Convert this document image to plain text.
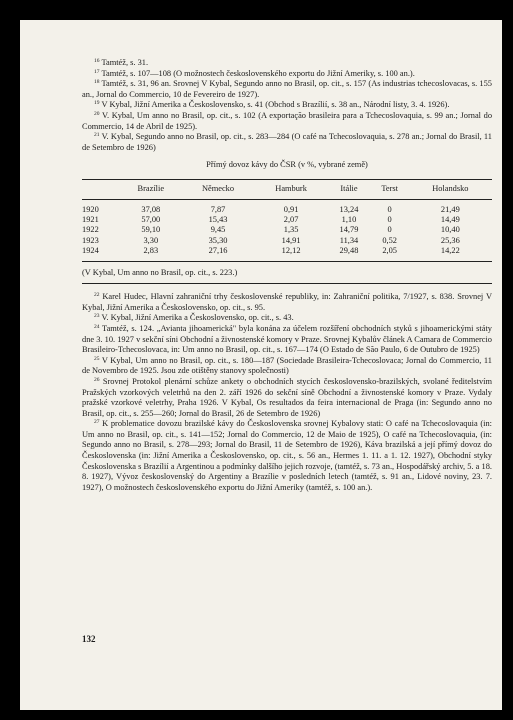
$^{16}$ Tamtéž, s. 31.

$^{17}$ Tamtéž, s. 107—108 (O možnostech československého exportu do Jižní Ameriky, s. 100 an.).

$^{18}$ Tamtéž, s. 31, 96 an. Srovnej V Kybal, Segundo anno no Brasil, op. cit., s. 157 (As industrias tchecoslovacas, s. 155 an., Jornal do Commercio, 10 de Fevereiro de 1927).

$^{19}$ V Kybal, Jižní Amerika a Československo, s. 41 (Obchod s Brazílií, s. 38 an., Národní listy, 3. 4. 1926).

$^{20}$ V. Kybal, Um anno no Brasil, op. cit., s. 102 (A exportação brasileira para a Tchecoslovaquia, s. 99 an.; Jornal do Commercio, 14 de Abril de 1925).

$^{21}$ V. Kybal, Segundo anno no Brasil, op. cit., s. 283—284 (O café na Tchecoslovaquia, s. 278 an.; Jornal do Brasil, 11 de Setembro de 1926)

Přímý dovoz kávy do ČSR (v %, vybrané země)
	Brazílie	Německo	Hamburk	Itálie	Terst	Holandsko
1920	37,08	7,87	0,91	13,24	0	21,49
1921	57,00	15,43	2,07	1,10	0	14,49
1922	59,10	9,45	1,35	14,79	0	10,40
1923	3,30	35,30	14,91	11,34	0,52	25,36
1924	2,83	27,16	12,12	29,48	2,05	14,22

(V Kybal, Um anno no Brasil, op. cit., s. 223.)

$^{22}$ Karel Hudec, Hlavní zahraniční trhy československé republiky, in: Zahraniční politika, 7/1927, s. 838. Srovnej V Kybal, Jižní Amerika a Československo, op. cit., s. 95.

$^{23}$ V. Kybal, Jižní Amerika a Československo, op. cit., s. 43.

$^{24}$ Tamtéž, s. 124. „Avianta jihoamerická" byla konána za účelem rozšíření obchodních styků s jihoamerickými státy dne 3. 10. 1927 v sekční síni Obchodní a živnostenské komory v Praze. Srovnej Kybalův článek A Camara de Commercio Brasileiro-Tchecoslovaca, in: Um anno no Brasil, op. cit., s. 167—174 (O Estado de São Paulo, 6 de Outubro de 1925)

$^{25}$ V Kybal, Um anno no Brasil, op. cit., s. 180—187 (Sociedade Brasileira-Tchecoslovaca; Jornal do Commercio, 11 de Novembro de 1925. Jsou zde otištěny stanovy společnosti)

$^{26}$ Srovnej Protokol plenární schůze ankety o obchodních stycích československo-brazilských, svolané ředitelstvím Pražských vzorkových veletrhů na den 2. září 1926 do sekční síně Obchodní a živnostenské komory v Praze. Vydaly pražské vzorkové veletrhy, Praha 1926. V Kybal, Os resultados da feira internacional de Praga (in: Segundo anno no Brasil, op. cit., s. 255—260; Jornal do Brasil, 26 de Setembro de 1926)

$^{27}$ K problematice dovozu brazilské kávy do Československa srovnej Kybalovy stati: O café na Tchecoslovaquia (in: Um anno no Brasil, op. cit., s. 141—152; Jornal do Commercio, 12 de Maio de 1925), O café na Tchecoslovaquia, (in: Segundo anno no Brasil, s. 278—293; Jornal do Brasil, 11 de Setembro de 1926), Káva brazilská a její přímý dovoz do Československa (in: Jižní Amerika a Československo, op. cit., s. 56 an., Hermes 1. 11. a 1. 12. 1927), Obchodní styky Československa s Brazílií a Argentinou a podmínky dalšího jejich rozvoje, (tamtéž, s. 73 an., Hospodářský archiv, 5. a 18. 8. 1927), Vývoz československý do Argentiny a Brazílie v posledních letech (tamtéž, s. 91 an., Lidové noviny, 23. 7. 1927), O možnostech československého exportu do Jižní Ameriky (tamtéž, s. 100 an.).

132
